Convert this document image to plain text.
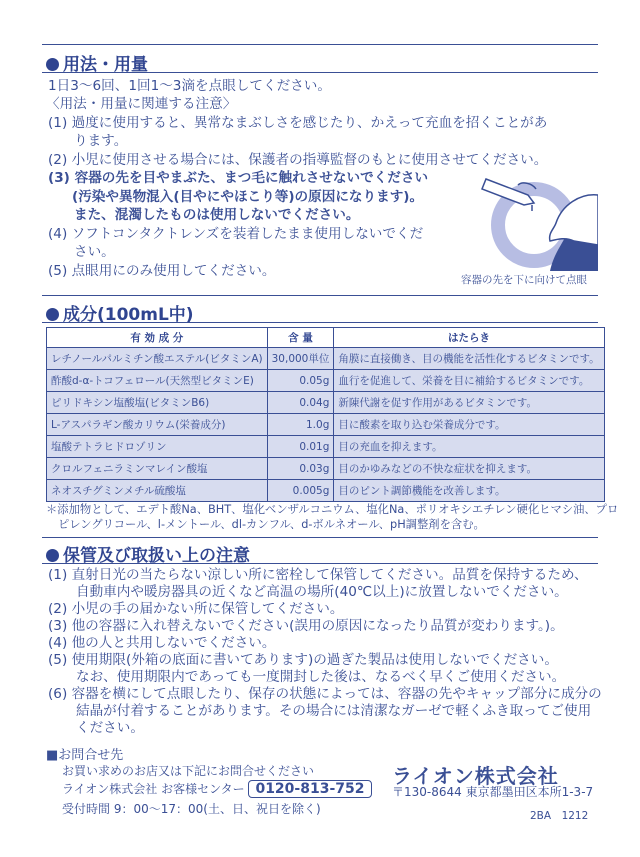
用法・用量
1日3～6回、1回1～3滴を点眼してください。
〈用法・用量に関連する注意〉
(1) 過度に使用すると、異常なまぶしさを感じたり、かえって充血を招くことがあ
ります。
(2) 小児に使用させる場合には、保護者の指導監督のもとに使用させてください。
(3) 容器の先を目やまぶた、まつ毛に触れさせないでください
(汚染や異物混入(目やにやほこり等)の原因になります)。
また、混濁したものは使用しないでください。
(4) ソフトコンタクトレンズを装着したまま使用しないでくだ
さい。
(5) 点眼用にのみ使用してください。
容器の先を下に向けて点眼
成分(100mL中)
有 効 成 分	含 量	はたらき
レチノールパルミチン酸エステル(ビタミンA)	30,000単位	角膜に直接働き、目の機能を活性化するビタミンです。
酢酸d-α-トコフェロール(天然型ビタミンE)	0.05g	血行を促進して、栄養を目に補給するビタミンです。
ピリドキシン塩酸塩(ビタミンB6)	0.04g	新陳代謝を促す作用があるビタミンです。
L-アスパラギン酸カリウム(栄養成分)	1.0g	目に酸素を取り込む栄養成分です。
塩酸テトラヒドロゾリン	0.01g	目の充血を抑えます。
クロルフェニラミンマレイン酸塩	0.03g	目のかゆみなどの不快な症状を抑えます。
ネオスチグミンメチル硫酸塩	0.005g	目のピント調節機能を改善します。
＊添加物として、エデト酸Na、BHT、塩化ベンザルコニウム、塩化Na、ポリオキシエチレン硬化ヒマシ油、プロ
ピレングリコール、l-メントール、dl-カンフル、d-ボルネオール、pH調整剤を含む。
保管及び取扱い上の注意
(1) 直射日光の当たらない涼しい所に密栓して保管してください。品質を保持するため、
自動車内や暖房器具の近くなど高温の場所(40℃以上)に放置しないでください。
(2) 小児の手の届かない所に保管してください。
(3) 他の容器に入れ替えないでください(誤用の原因になったり品質が変わります。)。
(4) 他の人と共用しないでください。
(5) 使用期限(外箱の底面に書いてあります)の過ぎた製品は使用しないでください。
なお、使用期限内であっても一度開封した後は、なるべく早くご使用ください。
(6) 容器を横にして点眼したり、保存の状態によっては、容器の先やキャップ部分に成分の
結晶が付着することがあります。その場合には清潔なガーゼで軽くふき取ってご使用
ください。
■お問合せ先
お買い求めのお店又は下記にお問合せください
ライオン株式会社 お客様センター 0120-813-752
受付時間 9：00～17：00(土、日、祝日を除く)
ライオン株式会社
〒130-8644 東京都墨田区本所1-3-7
2BA　1212
